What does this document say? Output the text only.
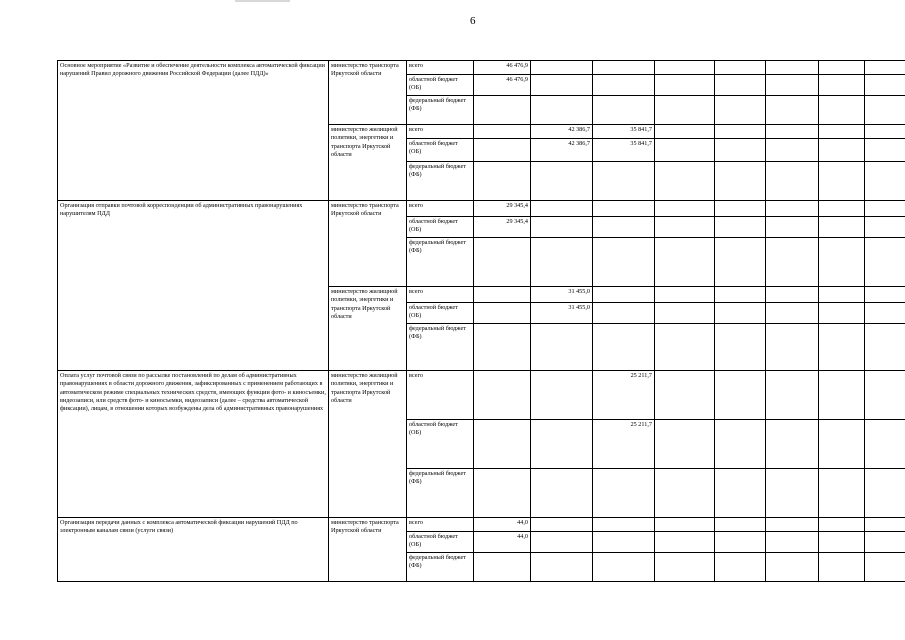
6
Основное мероприятие «Развитие и обеспечение деятельности комплекса автоматической фиксации нарушений Правил дорожного движения Российской Федерации (далее ПДД)»	министерство транспорта Иркутской области	всего	46 476,9							
		областной бюджет (ОБ)	46 476,9							
		федеральный бюджет (ФБ)								
	министерство жилищной политики, энергетики и транспорта Иркутской области	всего		42 386,7	35 841,7					
		областной бюджет (ОБ)		42 386,7	35 841,7					
		федеральный бюджет (ФБ)								
Организация отправки почтовой корреспонденции об административных правонарушениях нарушителям ПДД	министерство транспорта Иркутской области	всего	29 345,4							
		областной бюджет (ОБ)	29 345,4							
		федеральный бюджет (ФБ)								
	министерство жилищной политики, энергетики и транспорта Иркутской области	всего		31 455,0						
		областной бюджет (ОБ)		31 455,0						
		федеральный бюджет (ФБ)								
Оплата услуг почтовой связи по рассылке постановлений по делам об административных правонарушениях в области дорожного движения, зафиксированных с применением работающих в автоматическом режиме специальных технических средств, имеющих функции фото- и киносъемки, видеозаписи, или средств фото- и киносъемки, видеозаписи (далее – средства автоматической фиксации), лицам, в отношении которых возбуждены дела об административных правонарушениях	министерство жилищной политики, энергетики и транспорта Иркутской области	всего			25 211,7					
		областной бюджет (ОБ)			25 211,7					
		федеральный бюджет (ФБ)								
Организация передачи данных с комплекса автоматической фиксации нарушений ПДД по электронным каналам связи (услуги связи)	министерство транспорта Иркутской области	всего	44,0							
		областной бюджет (ОБ)	44,0							
		федеральный бюджет (ФБ)								
